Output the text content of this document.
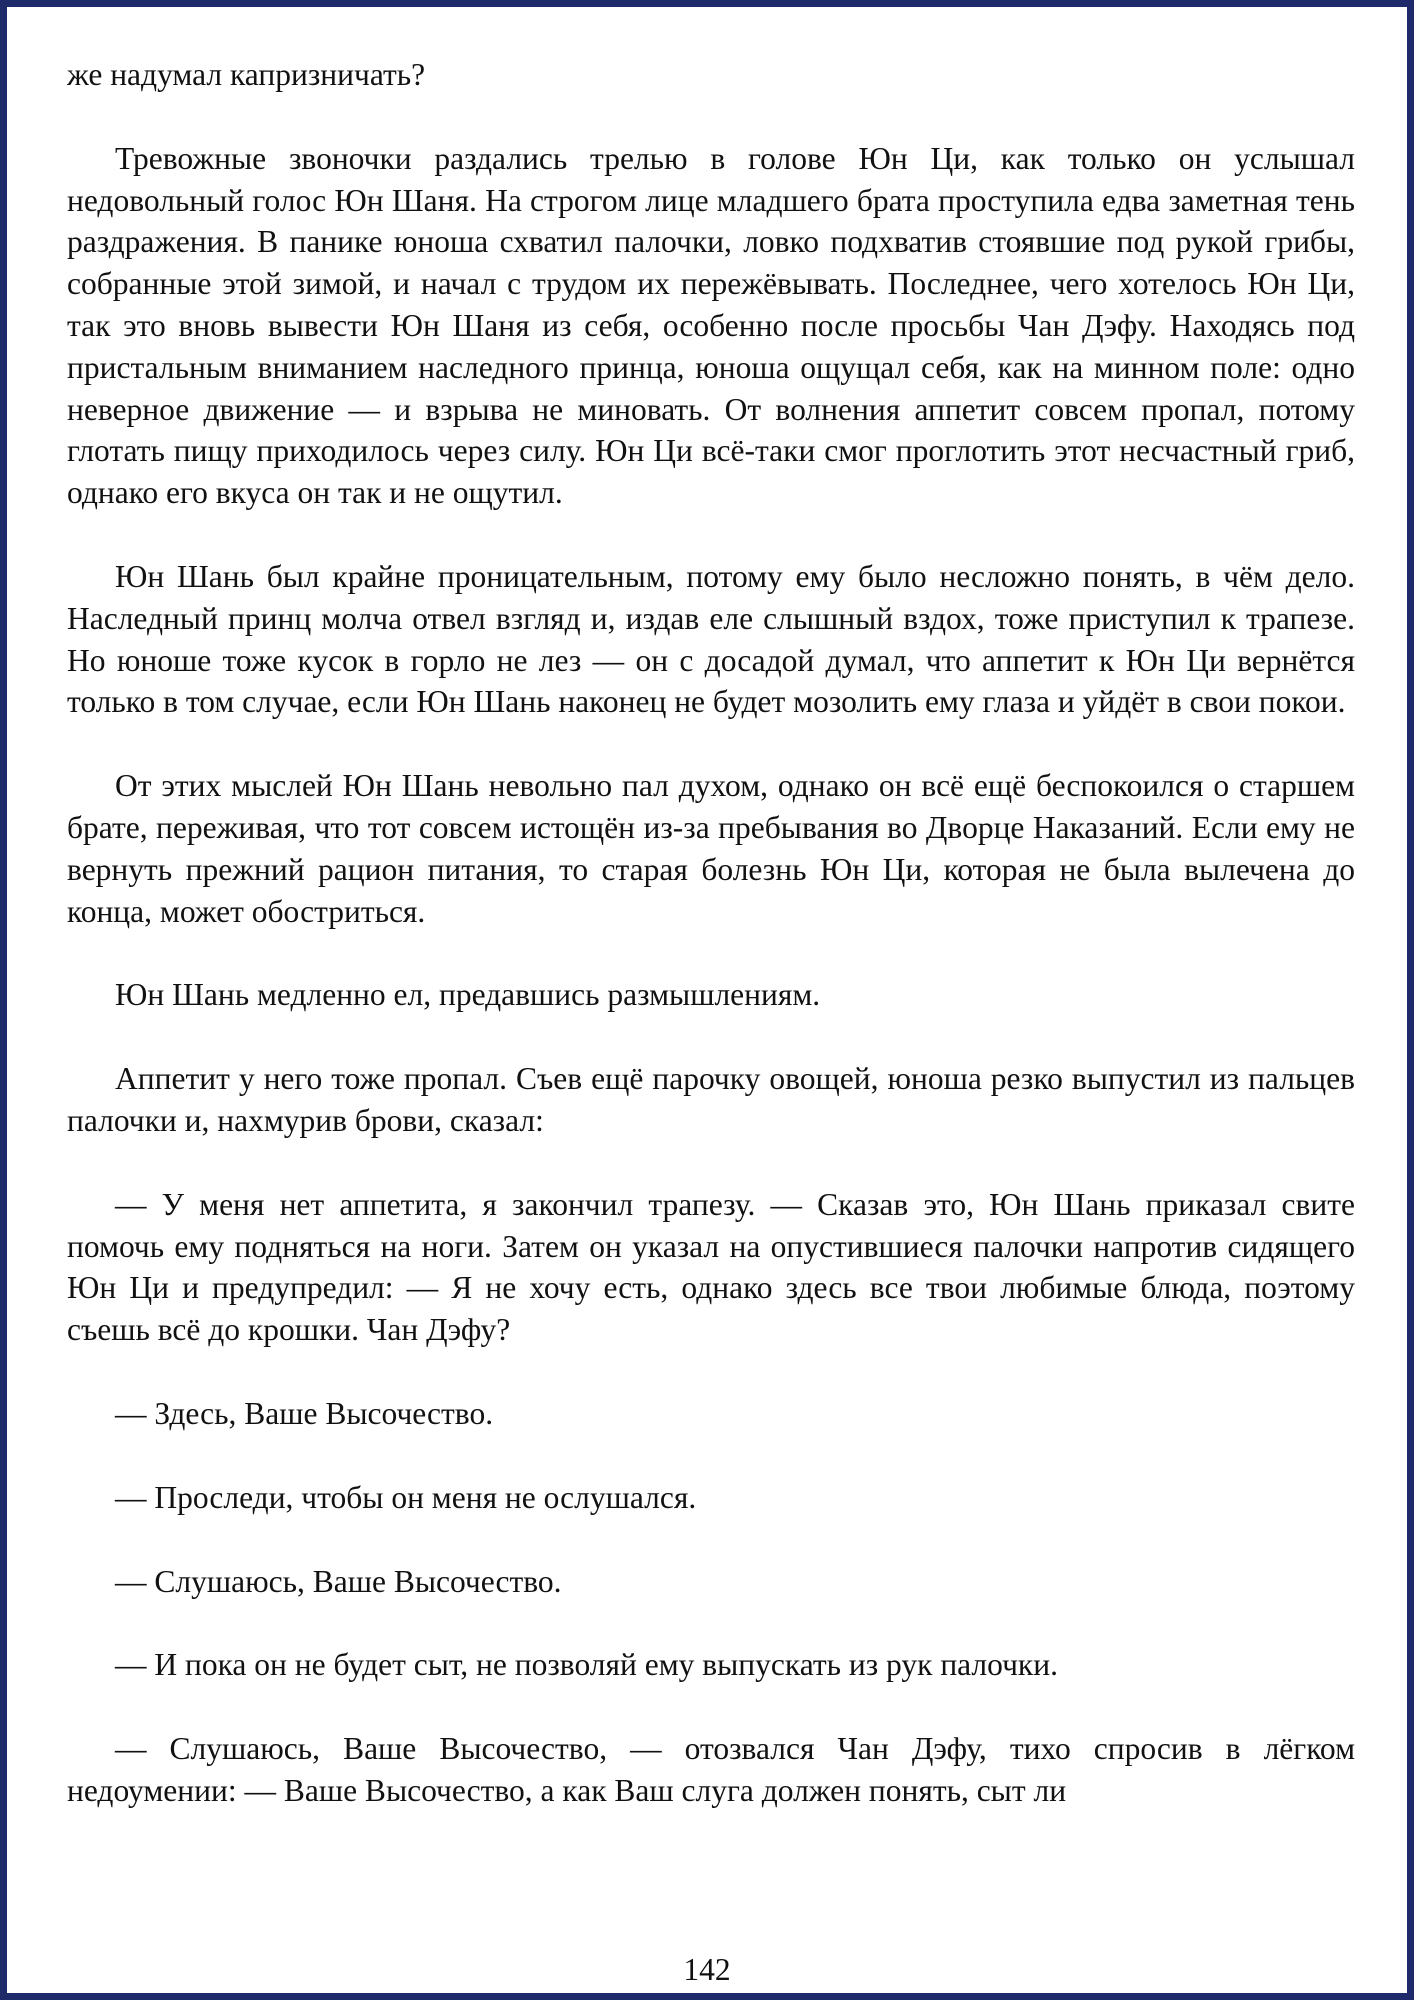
же надумал капризничать?

Тревожные звоночки раздались трелью в голове Юн Ци, как только он услышал недовольный голос Юн Шаня. На строгом лице младшего брата проступила едва заметная тень раздражения. В панике юноша схватил палочки, ловко подхватив стоявшие под рукой грибы, собранные этой зимой, и начал с трудом их пережёвывать. Последнее, чего хотелось Юн Ци, так это вновь вывести Юн Шаня из себя, особенно после просьбы Чан Дэфу. Находясь под пристальным вниманием наследного принца, юноша ощущал себя, как на минном поле: одно неверное движение — и взрыва не миновать. От волнения аппетит совсем пропал, потому глотать пищу приходилось через силу. Юн Ци всё-таки смог проглотить этот несчастный гриб, однако его вкуса он так и не ощутил.

Юн Шань был крайне проницательным, потому ему было несложно понять, в чём дело. Наследный принц молча отвел взгляд и, издав еле слышный вздох, тоже приступил к трапезе. Но юноше тоже кусок в горло не лез — он с досадой думал, что аппетит к Юн Ци вернётся только в том случае, если Юн Шань наконец не будет мозолить ему глаза и уйдёт в свои покои.

От этих мыслей Юн Шань невольно пал духом, однако он всё ещё беспокоился о старшем брате, переживая, что тот совсем истощён из-за пребывания во Дворце Наказаний. Если ему не вернуть прежний рацион питания, то старая болезнь Юн Ци, которая не была вылечена до конца, может обостриться.

Юн Шань медленно ел, предавшись размышлениям.

Аппетит у него тоже пропал. Съев ещё парочку овощей, юноша резко выпустил из пальцев палочки и, нахмурив брови, сказал:

— У меня нет аппетита, я закончил трапезу. — Сказав это, Юн Шань приказал свите помочь ему подняться на ноги. Затем он указал на опустившиеся палочки напротив сидящего Юн Ци и предупредил: — Я не хочу есть, однако здесь все твои любимые блюда, поэтому съешь всё до крошки. Чан Дэфу?

— Здесь, Ваше Высочество.

— Проследи, чтобы он меня не ослушался.

— Слушаюсь, Ваше Высочество.

— И пока он не будет сыт, не позволяй ему выпускать из рук палочки.

— Слушаюсь, Ваше Высочество, — отозвался Чан Дэфу, тихо спросив в лёгком недоумении: — Ваше Высочество, а как Ваш слуга должен понять, сыт ли

142
